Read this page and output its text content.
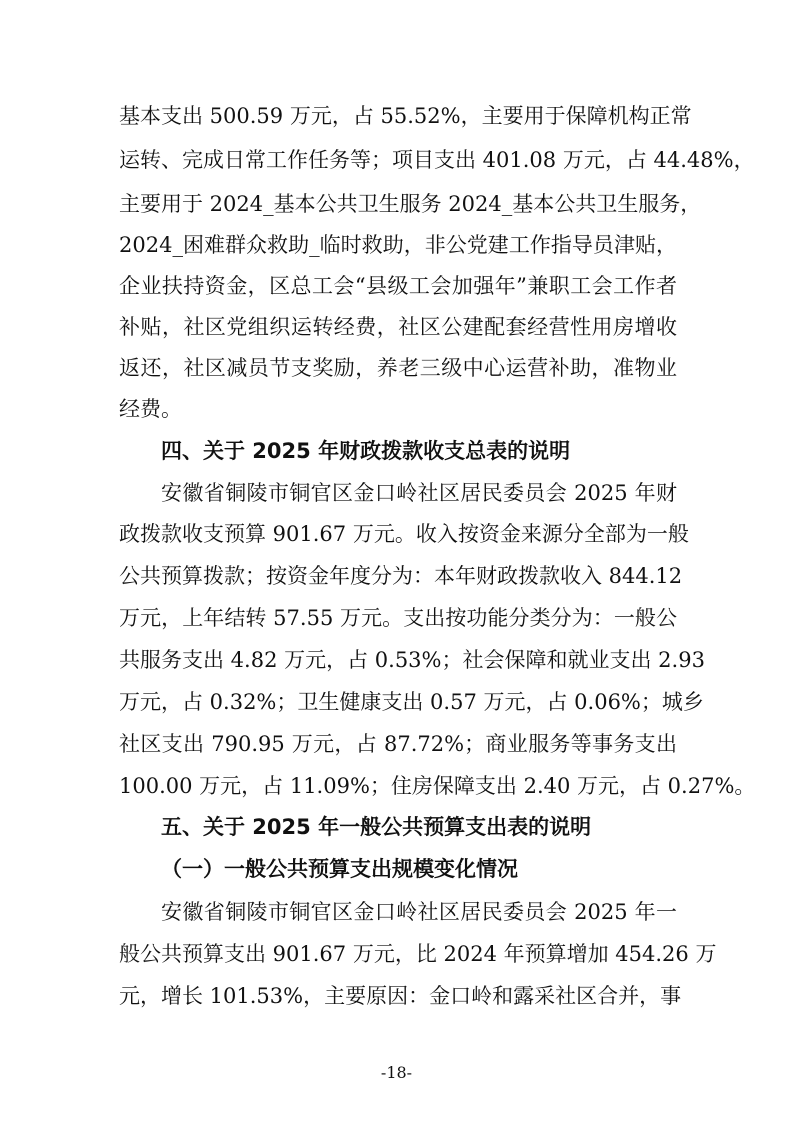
基本支出 500.59 万元，占 55.52%，主要用于保障机构正常
运转、完成日常工作任务等；项目支出 401.08 万元，占 44.48%，
主要用于 2024_基本公共卫生服务 2024_基本公共卫生服务，
2024_困难群众救助_临时救助，非公党建工作指导员津贴，
企业扶持资金，区总工会“县级工会加强年”兼职工会工作者
补贴，社区党组织运转经费，社区公建配套经营性用房增收
返还，社区减员节支奖励，养老三级中心运营补助，准物业
经费。
四、关于 2025 年财政拨款收支总表的说明
安徽省铜陵市铜官区金口岭社区居民委员会 2025 年财
政拨款收支预算 901.67 万元。收入按资金来源分全部为一般
公共预算拨款；按资金年度分为：本年财政拨款收入 844.12
万元，上年结转 57.55 万元。支出按功能分类分为：一般公
共服务支出 4.82 万元，占 0.53%；社会保障和就业支出 2.93
万元，占 0.32%；卫生健康支出 0.57 万元，占 0.06%；城乡
社区支出 790.95 万元，占 87.72%；商业服务等事务支出
100.00 万元，占 11.09%；住房保障支出 2.40 万元，占 0.27%。
五、关于 2025 年一般公共预算支出表的说明
（一）一般公共预算支出规模变化情况
安徽省铜陵市铜官区金口岭社区居民委员会 2025 年一
般公共预算支出 901.67 万元，比 2024 年预算增加 454.26 万
元，增长 101.53%，主要原因：金口岭和露采社区合并，事
-18-
